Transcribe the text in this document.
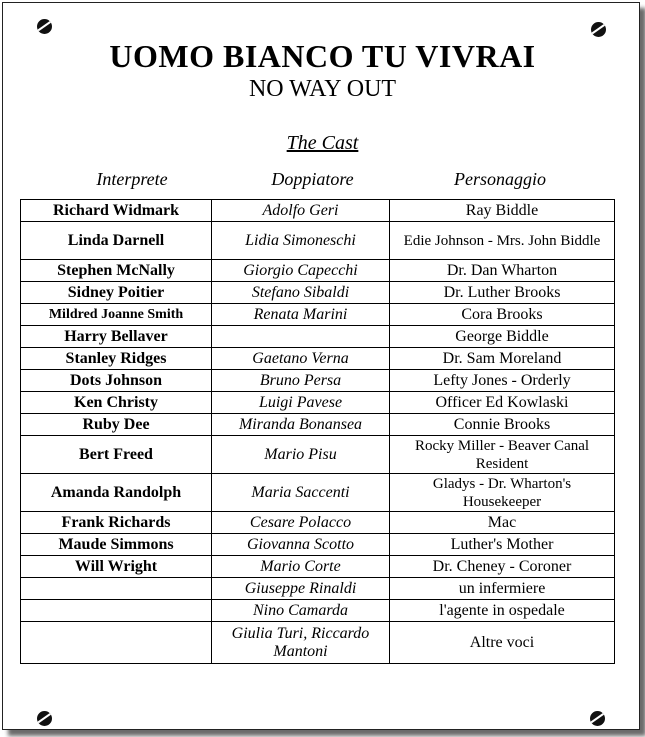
UOMO BIANCO TU VIVRAI
NO WAY OUT
The Cast
Interprete	Doppiatore	Personaggio
Richard Widmark	Adolfo Geri	Ray Biddle
Linda Darnell	Lidia Simoneschi	Edie Johnson - Mrs. John Biddle
Stephen McNally	Giorgio Capecchi	Dr. Dan Wharton
Sidney Poitier	Stefano Sibaldi	Dr. Luther Brooks
Mildred Joanne Smith	Renata Marini	Cora Brooks
Harry Bellaver		George Biddle
Stanley Ridges	Gaetano Verna	Dr. Sam Moreland
Dots Johnson	Bruno Persa	Lefty Jones - Orderly
Ken Christy	Luigi Pavese	Officer Ed Kowlaski
Ruby Dee	Miranda Bonansea	Connie Brooks
Bert Freed	Mario Pisu	Rocky Miller - Beaver Canal Resident
Amanda Randolph	Maria Saccenti	Gladys - Dr. Wharton's Housekeeper
Frank Richards	Cesare Polacco	Mac
Maude Simmons	Giovanna Scotto	Luther's Mother
Will Wright	Mario Corte	Dr. Cheney - Coroner
	Giuseppe Rinaldi	un infermiere
	Nino Camarda	l'agente in ospedale
	Giulia Turi, Riccardo Mantoni	Altre voci
